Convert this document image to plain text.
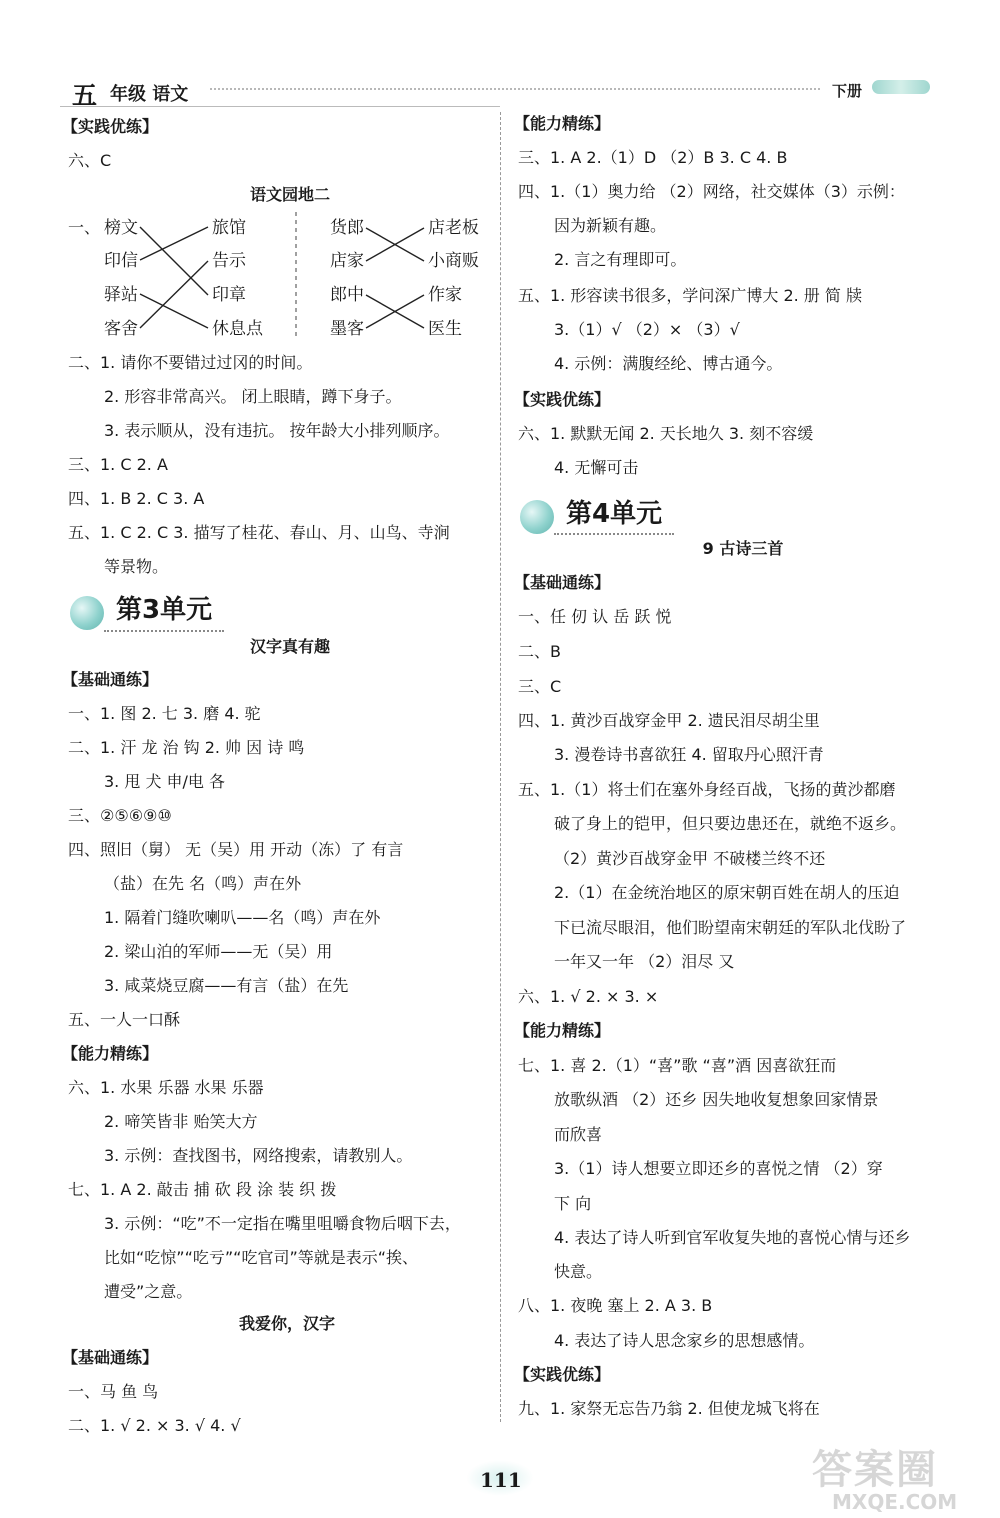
五 年级 语文	下册
【实践优练】
六、C
语文园地二
一、 榜文
印信
驿站
客舍
旅馆
告示
印章
休息点
货郎
店家
郎中
墨客
店老板
小商贩
作家
医生
二、1. 请你不要错过过冈的时间。
2. 形容非常高兴。 闭上眼睛，蹲下身子。
3. 表示顺从，没有违抗。 按年龄大小排列顺序。
三、1. C 2. A
四、1. B 2. C 3. A
五、1. C 2. C 3. 描写了桂花、春山、月、山鸟、寺涧
等景物。
第3单元
汉字真有趣
【基础通练】
一、1. 图 2. 七 3. 磨 4. 驼
二、1. 汗 龙 治 钩 2. 帅 因 诗 鸣
3. 甩 犬 申/电 各
三、②⑤⑥⑨⑩
四、照旧（舅） 无（吴）用 开动（冻）了 有言
（盐）在先 名（鸣）声在外
1. 隔着门缝吹喇叭——名（鸣）声在外
2. 梁山泊的军师——无（吴）用
3. 咸菜烧豆腐——有言（盐）在先
五、一人一口酥
【能力精练】
六、1. 水果 乐器 水果 乐器
2. 啼笑皆非 贻笑大方
3. 示例：查找图书，网络搜索，请教别人。
七、1. A 2. 敲击 捕 砍 段 涂 装 织 拨
3. 示例：“吃”不一定指在嘴里咀嚼食物后咽下去，
比如“吃惊”“吃亏”“吃官司”等就是表示“挨、
遭受”之意。
我爱你，汉字
【基础通练】
一、马 鱼 鸟
二、1. √ 2. × 3. √ 4. √
【能力精练】
三、1. A 2.（1）D （2）B 3. C 4. B
四、1.（1）奥力给 （2）网络，社交媒体（3）示例：
因为新颖有趣。
2. 言之有理即可。
五、1. 形容读书很多，学问深广博大 2. 册 简 牍
3.（1）√ （2）× （3）√
4. 示例：满腹经纶、博古通今。
【实践优练】
六、1. 默默无闻 2. 天长地久 3. 刻不容缓
4. 无懈可击
第4单元
9 古诗三首
【基础通练】
一、任 仞 认 岳 跃 悦
二、B
三、C
四、1. 黄沙百战穿金甲 2. 遗民泪尽胡尘里
3. 漫卷诗书喜欲狂 4. 留取丹心照汗青
五、1.（1）将士们在塞外身经百战，飞扬的黄沙都磨
破了身上的铠甲，但只要边患还在，就绝不返乡。
（2）黄沙百战穿金甲 不破楼兰终不还
2.（1）在金统治地区的原宋朝百姓在胡人的压迫
下已流尽眼泪，他们盼望南宋朝廷的军队北伐盼了
一年又一年 （2）泪尽 又
六、1. √ 2. × 3. ×
【能力精练】
七、1. 喜 2.（1）“喜”歌 “喜”酒 因喜欲狂而
放歌纵酒 （2）还乡 因失地收复想象回家情景
而欣喜
3.（1）诗人想要立即还乡的喜悦之情 （2）穿
下 向
4. 表达了诗人听到官军收复失地的喜悦心情与还乡
快意。
八、1. 夜晚 塞上 2. A 3. B
4. 表达了诗人思念家乡的思想感情。
【实践优练】
九、1. 家祭无忘告乃翁 2. 但使龙城飞将在
111	答案圈
MXQE.COM
